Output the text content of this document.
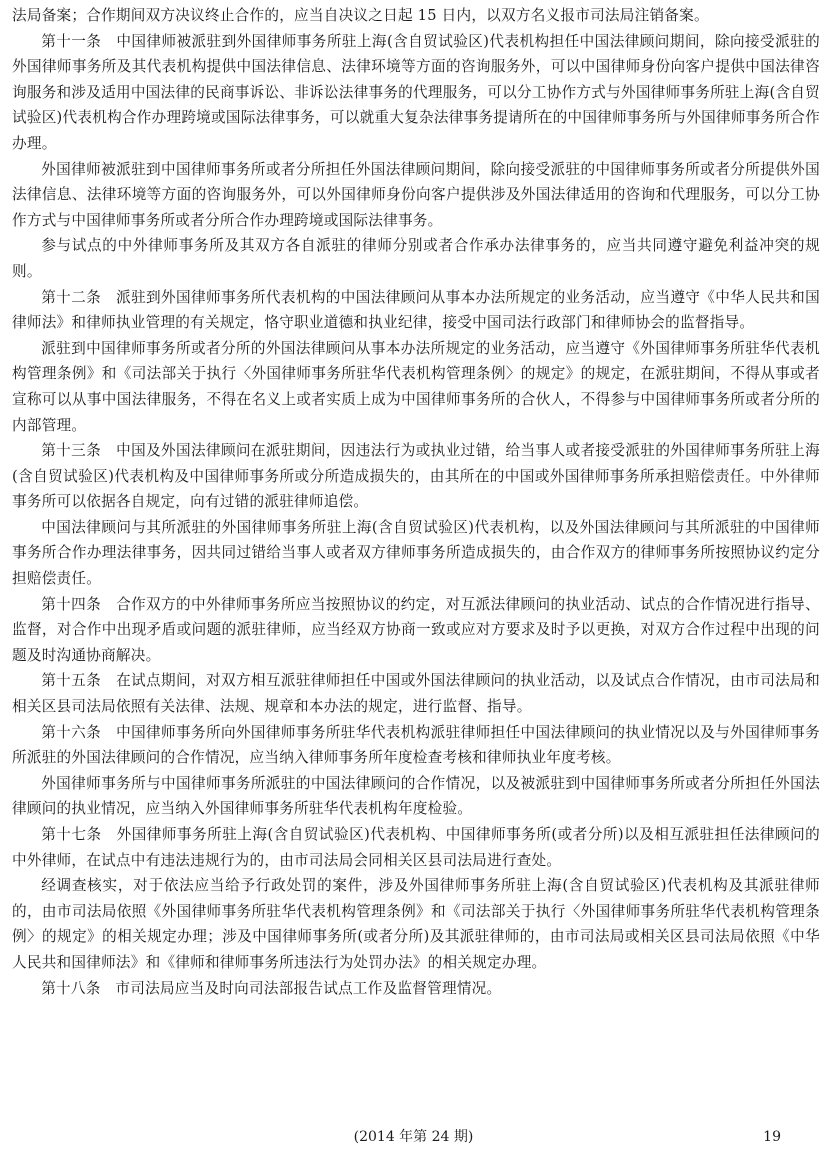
法局备案；合作期间双方决议终止合作的，应当自决议之日起 15 日内，以双方名义报市司法局注销备案。

第十一条　中国律师被派驻到外国律师事务所驻上海(含自贸试验区)代表机构担任中国法律顾问期间，除向接受派驻的外国律师事务所及其代表机构提供中国法律信息、法律环境等方面的咨询服务外，可以中国律师身份向客户提供中国法律咨询服务和涉及适用中国法律的民商事诉讼、非诉讼法律事务的代理服务，可以分工协作方式与外国律师事务所驻上海(含自贸试验区)代表机构合作办理跨境或国际法律事务，可以就重大复杂法律事务提请所在的中国律师事务所与外国律师事务所合作办理。

外国律师被派驻到中国律师事务所或者分所担任外国法律顾问期间，除向接受派驻的中国律师事务所或者分所提供外国法律信息、法律环境等方面的咨询服务外，可以外国律师身份向客户提供涉及外国法律适用的咨询和代理服务，可以分工协作方式与中国律师事务所或者分所合作办理跨境或国际法律事务。

参与试点的中外律师事务所及其双方各自派驻的律师分别或者合作承办法律事务的，应当共同遵守避免利益冲突的规则。

第十二条　派驻到外国律师事务所代表机构的中国法律顾问从事本办法所规定的业务活动，应当遵守《中华人民共和国律师法》和律师执业管理的有关规定，恪守职业道德和执业纪律，接受中国司法行政部门和律师协会的监督指导。

派驻到中国律师事务所或者分所的外国法律顾问从事本办法所规定的业务活动，应当遵守《外国律师事务所驻华代表机构管理条例》和《司法部关于执行〈外国律师事务所驻华代表机构管理条例〉的规定》的规定，在派驻期间，不得从事或者宣称可以从事中国法律服务，不得在名义上或者实质上成为中国律师事务所的合伙人，不得参与中国律师事务所或者分所的内部管理。

第十三条　中国及外国法律顾问在派驻期间，因违法行为或执业过错，给当事人或者接受派驻的外国律师事务所驻上海(含自贸试验区)代表机构及中国律师事务所或分所造成损失的，由其所在的中国或外国律师事务所承担赔偿责任。中外律师事务所可以依据各自规定，向有过错的派驻律师追偿。

中国法律顾问与其所派驻的外国律师事务所驻上海(含自贸试验区)代表机构，以及外国法律顾问与其所派驻的中国律师事务所合作办理法律事务，因共同过错给当事人或者双方律师事务所造成损失的，由合作双方的律师事务所按照协议约定分担赔偿责任。

第十四条　合作双方的中外律师事务所应当按照协议的约定，对互派法律顾问的执业活动、试点的合作情况进行指导、监督，对合作中出现矛盾或问题的派驻律师，应当经双方协商一致或应对方要求及时予以更换，对双方合作过程中出现的问题及时沟通协商解决。

第十五条　在试点期间，对双方相互派驻律师担任中国或外国法律顾问的执业活动，以及试点合作情况，由市司法局和相关区县司法局依照有关法律、法规、规章和本办法的规定，进行监督、指导。

第十六条　中国律师事务所向外国律师事务所驻华代表机构派驻律师担任中国法律顾问的执业情况以及与外国律师事务所派驻的外国法律顾问的合作情况，应当纳入律师事务所年度检查考核和律师执业年度考核。

外国律师事务所与中国律师事务所派驻的中国法律顾问的合作情况，以及被派驻到中国律师事务所或者分所担任外国法律顾问的执业情况，应当纳入外国律师事务所驻华代表机构年度检验。

第十七条　外国律师事务所驻上海(含自贸试验区)代表机构、中国律师事务所(或者分所)以及相互派驻担任法律顾问的中外律师，在试点中有违法违规行为的，由市司法局会同相关区县司法局进行查处。

经调查核实，对于依法应当给予行政处罚的案件，涉及外国律师事务所驻上海(含自贸试验区)代表机构及其派驻律师的，由市司法局依照《外国律师事务所驻华代表机构管理条例》和《司法部关于执行〈外国律师事务所驻华代表机构管理条例〉的规定》的相关规定办理；涉及中国律师事务所(或者分所)及其派驻律师的，由市司法局或相关区县司法局依照《中华人民共和国律师法》和《律师和律师事务所违法行为处罚办法》的相关规定办理。

第十八条　市司法局应当及时向司法部报告试点工作及监督管理情况。

(2014 年第 24 期)	19
